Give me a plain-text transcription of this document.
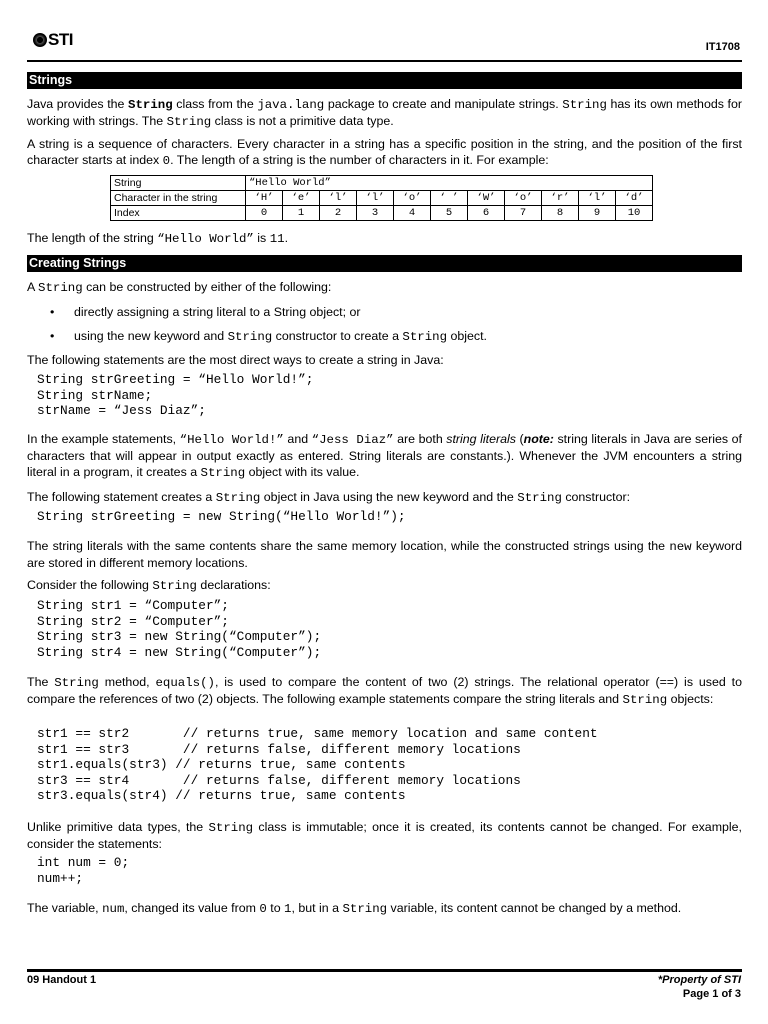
STI	IT1708
Strings
Java provides the String class from the java.lang package to create and manipulate strings. String has its own methods for working with strings. The String class is not a primitive data type.
A string is a sequence of characters. Every character in a string has a specific position in the string, and the position of the first character starts at index 0. The length of a string is the number of characters in it. For example:
String	“Hello World”										
Character in the string	‘H’	‘e’	‘l’	‘l’	‘o’	‘ ’	‘W’	‘o’	‘r’	‘l’	‘d’
Index	0	1	2	3	4	5	6	7	8	9	10
The length of the string “Hello World” is 11.
Creating Strings
A String can be constructed by either of the following:
• directly assigning a string literal to a String object; or
• using the new keyword and String constructor to create a String object.
The following statements are the most direct ways to create a string in Java:
String strGreeting = “Hello World!”;
String strName;
strName = “Jess Diaz”;
In the example statements, “Hello World!” and “Jess Diaz” are both string literals (note: string literals in Java are series of characters that will appear in output exactly as entered. String literals are constants.). Whenever the JVM encounters a string literal in a program, it creates a String object with its value.
The following statement creates a String object in Java using the new keyword and the String constructor:
String strGreeting = new String(“Hello World!”);
The string literals with the same contents share the same memory location, while the constructed strings using the new keyword are stored in different memory locations.
Consider the following String declarations:
String str1 = “Computer”;
String str2 = “Computer”;
String str3 = new String(“Computer”);
String str4 = new String(“Computer”);
The String method, equals(), is used to compare the content of two (2) strings. The relational operator (==) is used to compare the references of two (2) objects. The following example statements compare the string literals and String objects:
str1 == str2       // returns true, same memory location and same content
str1 == str3       // returns false, different memory locations
str1.equals(str3) // returns true, same contents
str3 == str4       // returns false, different memory locations
str3.equals(str4) // returns true, same contents
Unlike primitive data types, the String class is immutable; once it is created, its contents cannot be changed. For example, consider the statements:
int num = 0;
num++;
The variable, num, changed its value from 0 to 1, but in a String variable, its content cannot be changed by a method.
09 Handout 1	*Property of STI
Page 1 of 3
